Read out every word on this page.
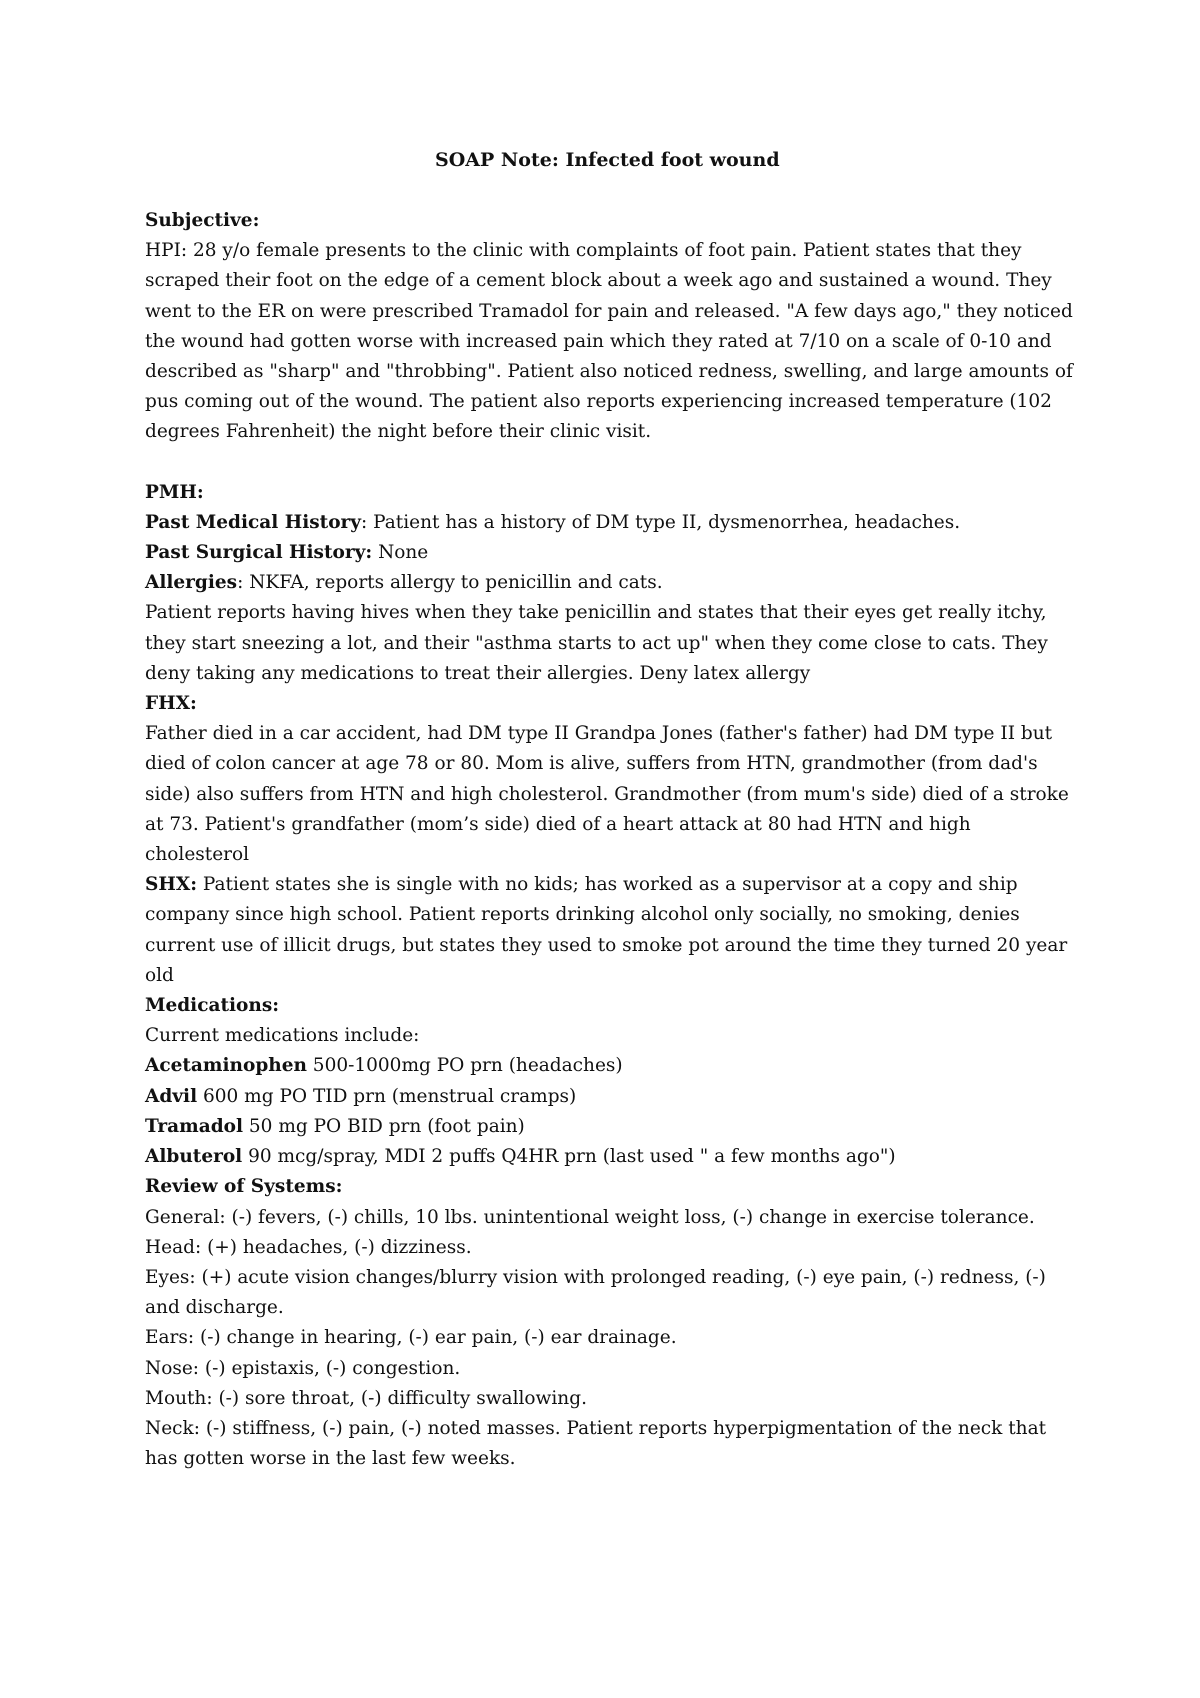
SOAP Note: Infected foot wound

Subjective:

HPI: 28 y/o female presents to the clinic with complaints of foot pain. Patient states that they scraped their foot on the edge of a cement block about a week ago and sustained a wound. They went to the ER on were prescribed Tramadol for pain and released. "A few days ago," they noticed the wound had gotten worse with increased pain which they rated at 7/10 on a scale of 0-10 and described as "sharp" and "throbbing". Patient also noticed redness, swelling, and large amounts of pus coming out of the wound. The patient also reports experiencing increased temperature (102 degrees Fahrenheit) the night before their clinic visit.

PMH:

Past Medical History: Patient has a history of DM type II, dysmenorrhea, headaches.

Past Surgical History: None

Allergies: NKFA, reports allergy to penicillin and cats.

Patient reports having hives when they take penicillin and states that their eyes get really itchy, they start sneezing a lot, and their "asthma starts to act up" when they come close to cats. They deny taking any medications to treat their allergies. Deny latex allergy

FHX:

Father died in a car accident, had DM type II Grandpa Jones (father's father) had DM type II but died of colon cancer at age 78 or 80. Mom is alive, suffers from HTN, grandmother (from dad's side) also suffers from HTN and high cholesterol. Grandmother (from mum's side) died of a stroke at 73. Patient's grandfather (mom’s side) died of a heart attack at 80 had HTN and high cholesterol

SHX: Patient states she is single with no kids; has worked as a supervisor at a copy and ship company since high school. Patient reports drinking alcohol only socially, no smoking, denies current use of illicit drugs, but states they used to smoke pot around the time they turned 20 year old

Medications:

Current medications include:

Acetaminophen 500-1000mg PO prn (headaches)

Advil 600 mg PO TID prn (menstrual cramps)

Tramadol 50 mg PO BID prn (foot pain)

Albuterol 90 mcg/spray, MDI 2 puffs Q4HR prn (last used " a few months ago")

Review of Systems:

General: (-) fevers, (-) chills, 10 lbs. unintentional weight loss, (-) change in exercise tolerance.

Head: (+) headaches, (-) dizziness.

Eyes: (+) acute vision changes/blurry vision with prolonged reading, (-) eye pain, (-) redness, (-) and discharge.

Ears: (-) change in hearing, (-) ear pain, (-) ear drainage.

Nose: (-) epistaxis, (-) congestion.

Mouth: (-) sore throat, (-) difficulty swallowing.

Neck: (-) stiffness, (-) pain, (-) noted masses. Patient reports hyperpigmentation of the neck that has gotten worse in the last few weeks.
